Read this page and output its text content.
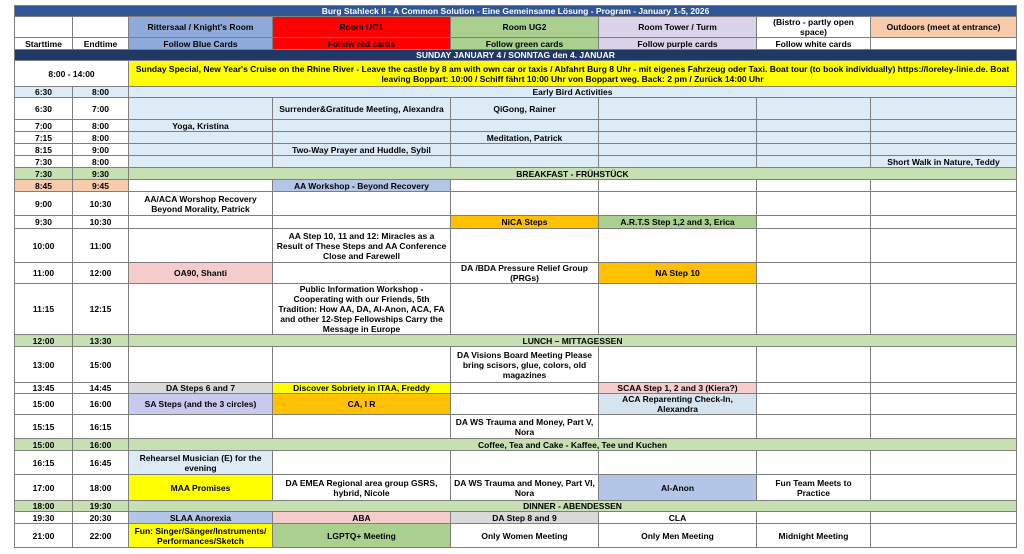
Burg Stahleck II - A Common Solution - Eine Gemeinsame Lösung - Program - January 1-5, 2026							
		Rittersaal / Knight's Room	Room UG1	Room UG2	Room Tower / Turm	(Bistro - partly open space)	Outdoors (meet at entrance)
Starttime	Endtime	Follow Blue Cards	Follow red cards	Follow green cards	Follow purple cards	Follow white cards	
SUNDAY JANUARY 4 / SONNTAG den 4. JANUAR							
8:00 - 14:00		Sunday Special, New Year's Cruise on the Rhine River - Leave the castle by 8 am with own car or taxis / Abfahrt Burg 8 Uhr - mit eigenes Fahrzeug oder Taxi. Boat tour (to book individually) https://loreley-linie.de. Boat leaving Boppart: 10:00 / Schiff fährt 10:00 Uhr von Boppart weg. Back: 2 pm / Zurück 14:00 Uhr					
6:30	8:00	Early Bird Activities					
6:30	7:00		Surrender&Gratitude Meeting, Alexandra	QiGong, Rainer			
7:00	8:00	Yoga, Kristina					
7:15	8:00			Meditation, Patrick			
8:15	9:00		Two-Way Prayer and Huddle, Sybil				
7:30	8:00						Short Walk in Nature, Teddy
7:30	9:30	BREAKFAST - FRÜHSTÜCK					
8:45	9:45		AA Workshop - Beyond Recovery				
9:00	10:30	AA/ACA Worshop Recovery Beyond Morality, Patrick					
9:30	10:30			NiCA Steps	A.R.T.S Step 1,2 and 3, Erica		
10:00	11:00		AA Step 10, 11 and 12: Miracles as a Result of These Steps and AA Conference Close and Farewell				
11:00	12:00	OA90, Shanti		DA /BDA Pressure Relief Group (PRGs)	NA Step 10		
11:15	12:15		Public Information Workshop - Cooperating with our Friends, 5th Tradition: How AA, DA, Al-Anon, ACA, FA and other 12-Step Fellowships Carry the Message in Europe				
12:00	13:30	LUNCH – MITTAGESSEN					
13:00	15:00			DA Visions Board Meeting Please bring scisors, glue, colors, old magazines			
13:45	14:45	DA Steps 6 and 7	Discover Sobriety in ITAA, Freddy		SCAA Step 1, 2 and 3 (Kiera?)		
15:00	16:00	SA Steps (and the 3 circles)	CA, I R		ACA Reparenting Check-In, Alexandra		
15:15	16:15			DA WS Trauma and Money, Part V, Nora			
15:00	16:00	Coffee, Tea and Cake - Kaffee, Tee und Kuchen					
16:15	16:45	Rehearsel Musician (E) for the evening					
17:00	18:00	MAA Promises	DA EMEA Regional area group GSRS, hybrid, Nicole	DA WS Trauma and Money, Part VI, Nora	Al-Anon	Fun Team Meets to Practice	
18:00	19:30	DINNER - ABENDESSEN					
19:30	20:30	SLAA Anorexia	ABA	DA Step 8 and 9	CLA		
21:00	22:00	Fun: Singer/Sänger/Instruments/ Performances/Sketch	LGPTQ+ Meeting	Only Women Meeting	Only Men Meeting	Midnight Meeting	
